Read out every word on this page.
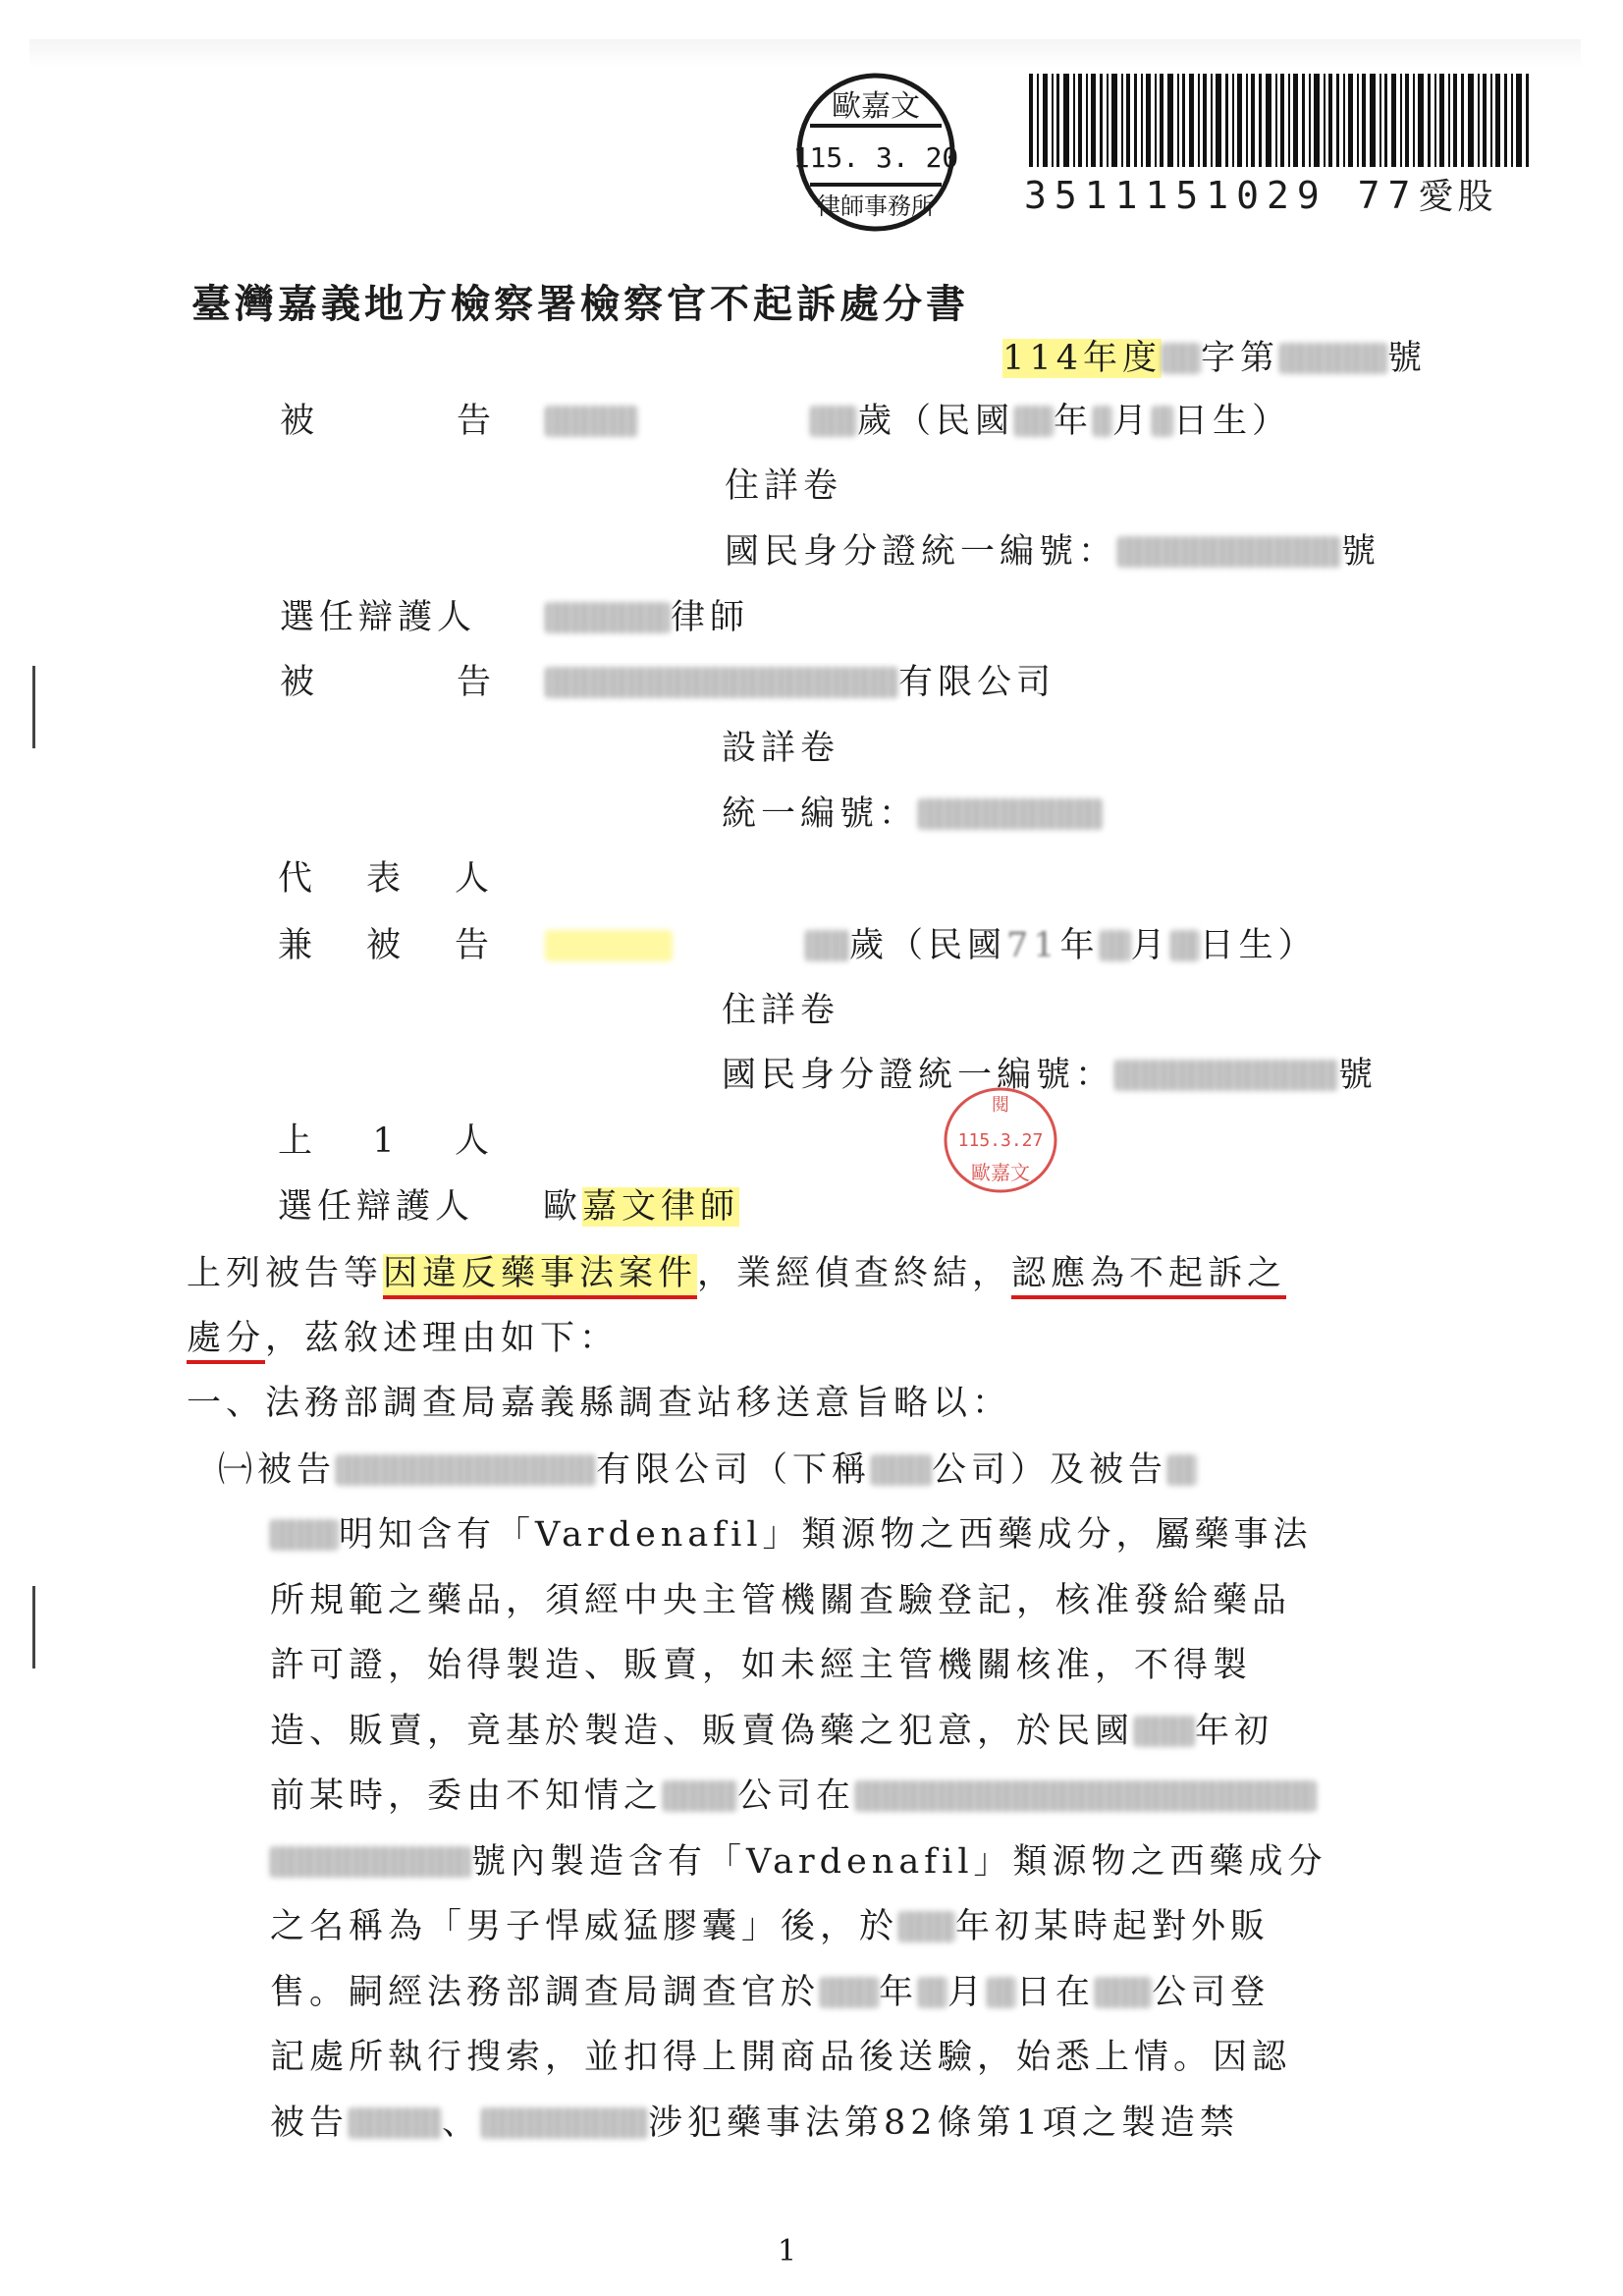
歐嘉文
115. 3. 20
律師事務所 3511151029 77愛股
臺灣嘉義地方檢察署檢察官不起訴處分書
114年度 字第	號
被	告	歲（民國 年 月 日生）
住詳卷
國民身分證統一編號：	號
選任辯護人	律師
被	告	有限公司
設詳卷
統一編號：
代 表 人
兼 被 告	歲（民國71年 月 日生）
住詳卷
國民身分證統一編號：	號
閱
115.3.27
歐嘉文
上 1 人
選任辯護人 歐嘉文律師
上列被告等因違反藥事法案件，業經偵查終結，認應為不起訴之
處分，茲敘述理由如下：
一、法務部調查局嘉義縣調查站移送意旨略以：
㈠被告	有限公司（下稱 公司）及被告
明知含有「Vardenafil」類源物之西藥成分，屬藥事法
所規範之藥品，須經中央主管機關查驗登記，核准發給藥品
許可證，始得製造、販賣，如未經主管機關核准，不得製
造、販賣，竟基於製造、販賣偽藥之犯意，於民國 年初
前某時，委由不知情之 公司在
號內製造含有「Vardenafil」類源物之西藥成分
之名稱為「男子悍威猛膠囊」後，於 年初某時起對外販
售。嗣經法務部調查局調查官於 年 月 日在 公司登
記處所執行搜索，並扣得上開商品後送驗，始悉上情。因認
被告	、	涉犯藥事法第82條第1項之製造禁
1
